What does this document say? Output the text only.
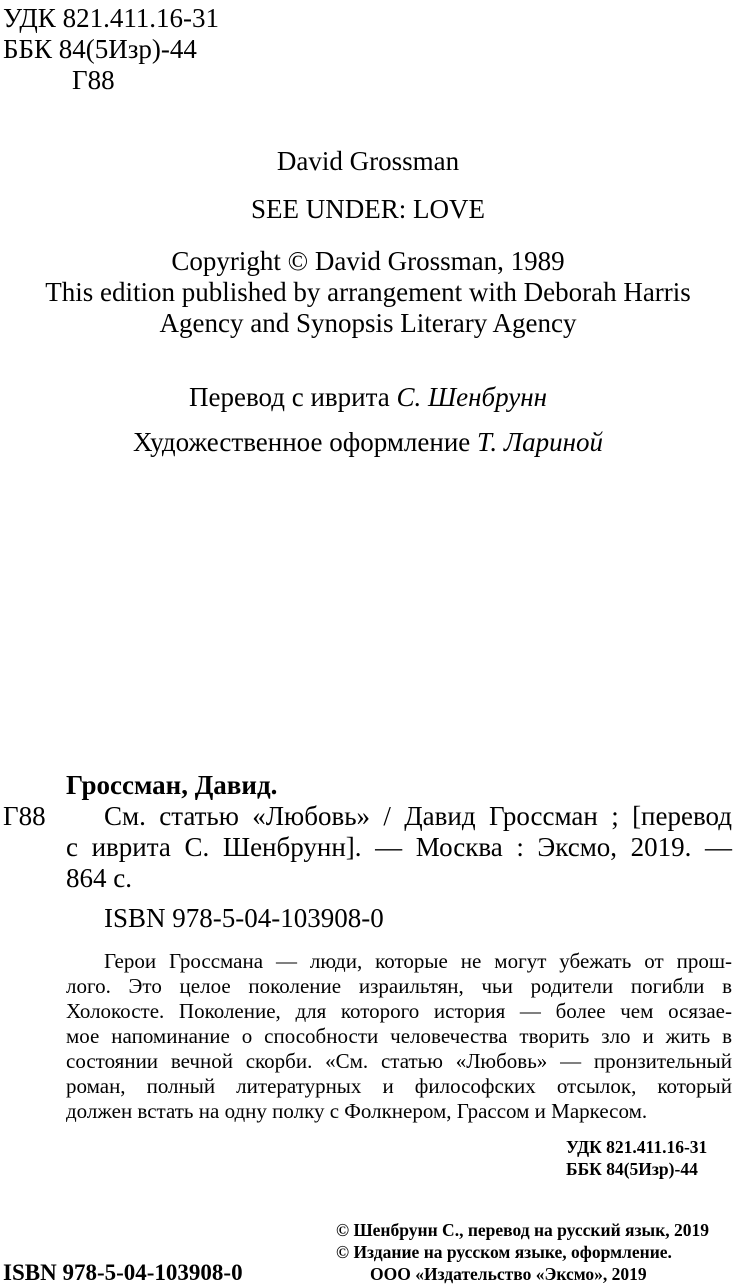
УДК 821.411.16-31
ББК 84(5Изр)-44
Г88
David Grossman
SEE UNDER: LOVE
Copyright © David Grossman, 1989
This edition published by arrangement with Deborah Harris
Agency and Synopsis Literary Agency
Перевод с иврита С. Шенбрунн
Художественное оформление Т. Лариной
Гроссман, Давид.
Г88 См. статью «Любовь» / Давид Гроссман ; [перевод
с иврита С. Шенбрунн]. — Москва : Эксмо, 2019. —
864 с.
ISBN 978-5-04-103908-0
Герои Гроссмана — люди, которые не могут убежать от прош-
лого. Это целое поколение израильтян, чьи родители погибли в
Холокосте. Поколение, для которого история — более чем осязае-
мое напоминание о способности человечества творить зло и жить в
состоянии вечной скорби. «См. статью «Любовь» — пронзительный
роман, полный литературных и философских отсылок, который
должен встать на одну полку с Фолкнером, Грассом и Маркесом.
УДК 821.411.16-31
ББК 84(5Изр)-44
© Шенбрунн С., перевод на русский язык, 2019
© Издание на русском языке, оформление.
ООО «Издательство «Эксмо», 2019
ISBN 978-5-04-103908-0
